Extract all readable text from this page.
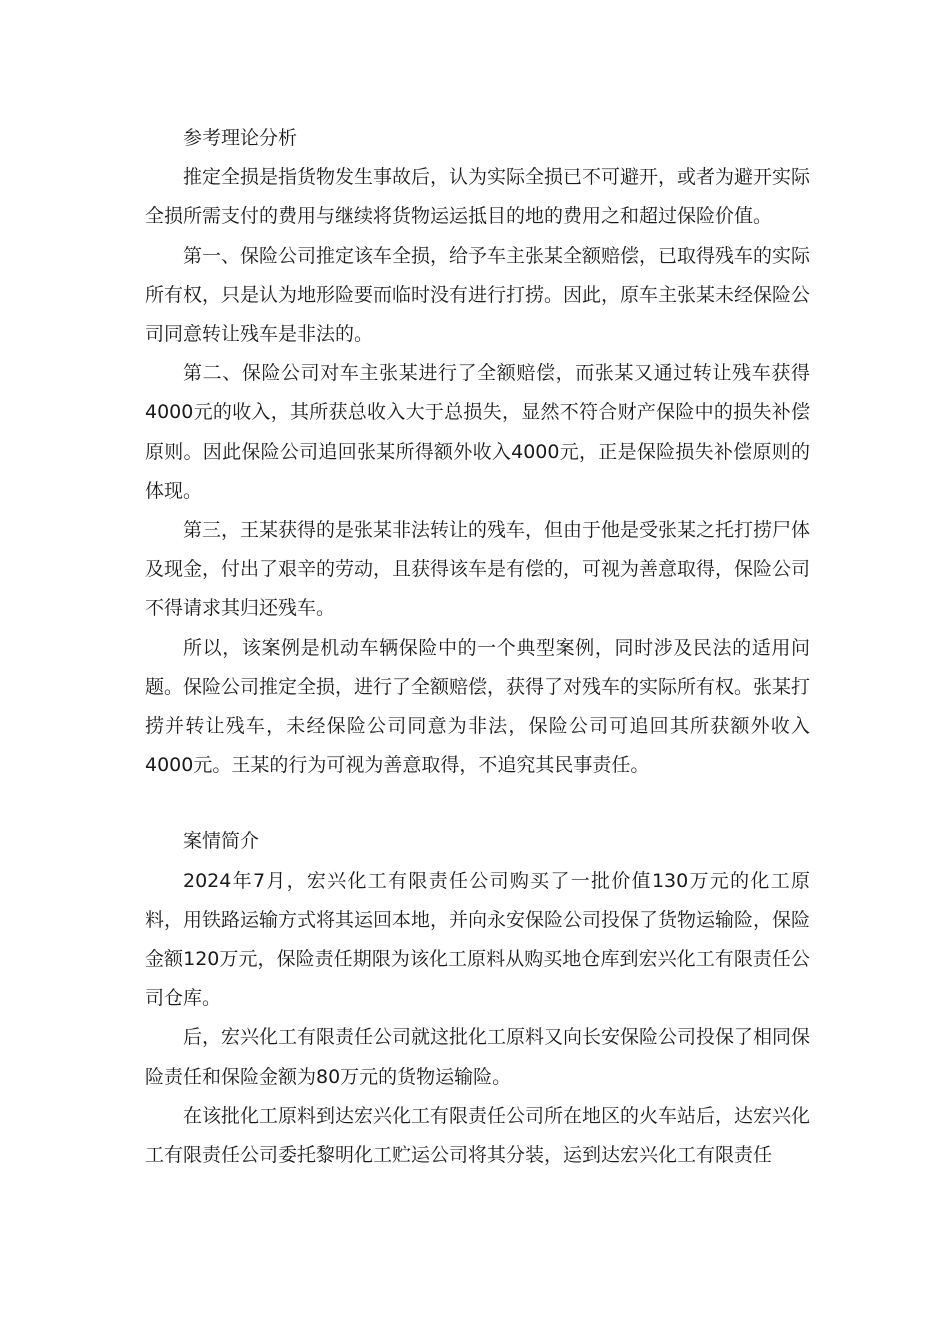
参考理论分析

推定全损是指货物发生事故后，认为实际全损已不可避开，或者为避开实际全损所需支付的费用与继续将货物运运抵目的地的费用之和超过保险价值。

第一、保险公司推定该车全损，给予车主张某全额赔偿，已取得残车的实际所有权，只是认为地形险要而临时没有进行打捞。因此，原车主张某未经保险公司同意转让残车是非法的。

第二、保险公司对车主张某进行了全额赔偿，而张某又通过转让残车获得4000元的收入，其所获总收入大于总损失，显然不符合财产保险中的损失补偿原则。因此保险公司追回张某所得额外收入4000元，正是保险损失补偿原则的体现。

第三，王某获得的是张某非法转让的残车，但由于他是受张某之托打捞尸体及现金，付出了艰辛的劳动，且获得该车是有偿的，可视为善意取得，保险公司不得请求其归还残车。

所以，该案例是机动车辆保险中的一个典型案例，同时涉及民法的适用问题。保险公司推定全损，进行了全额赔偿，获得了对残车的实际所有权。张某打捞并转让残车，未经保险公司同意为非法，保险公司可追回其所获额外收入4000元。王某的行为可视为善意取得，不追究其民事责任。

案情简介

2024年7月，宏兴化工有限责任公司购买了一批价值130万元的化工原料，用铁路运输方式将其运回本地，并向永安保险公司投保了货物运输险，保险金额120万元，保险责任期限为该化工原料从购买地仓库到宏兴化工有限责任公司仓库。

后，宏兴化工有限责任公司就这批化工原料又向长安保险公司投保了相同保险责任和保险金额为80万元的货物运输险。

在该批化工原料到达宏兴化工有限责任公司所在地区的火车站后，达宏兴化工有限责任公司委托黎明化工贮运公司将其分装，运到达宏兴化工有限责任
